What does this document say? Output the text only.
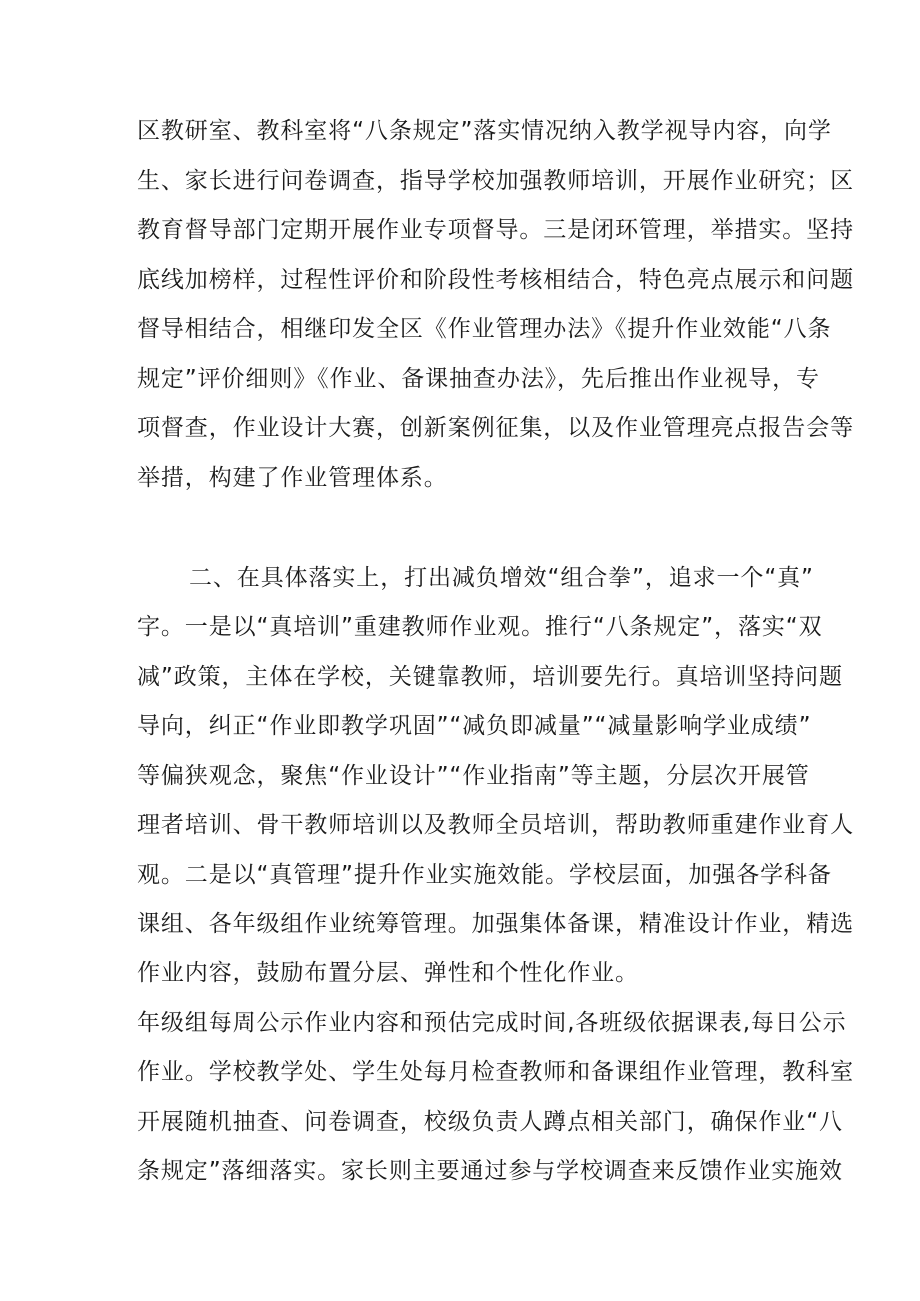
区教研室、教科室将“八条规定”落实情况纳入教学视导内容，向学
生、家长进行问卷调查，指导学校加强教师培训，开展作业研究；区
教育督导部门定期开展作业专项督导。三是闭环管理，举措实。坚持
底线加榜样，过程性评价和阶段性考核相结合，特色亮点展示和问题
督导相结合，相继印发全区《作业管理办法》《提升作业效能“八条
规定”评价细则》《作业、备课抽查办法》，先后推出作业视导，专
项督查，作业设计大赛，创新案例征集，以及作业管理亮点报告会等
举措，构建了作业管理体系。
二、在具体落实上，打出减负增效“组合拳”，追求一个“真”
字。一是以“真培训”重建教师作业观。推行“八条规定”，落实“双
减”政策，主体在学校，关键靠教师，培训要先行。真培训坚持问题
导向，纠正“作业即教学巩固”“减负即减量”“减量影响学业成绩”
等偏狭观念，聚焦“作业设计”“作业指南”等主题，分层次开展管
理者培训、骨干教师培训以及教师全员培训，帮助教师重建作业育人
观。二是以“真管理”提升作业实施效能。学校层面，加强各学科备
课组、各年级组作业统筹管理。加强集体备课，精准设计作业，精选
作业内容，鼓励布置分层、弹性和个性化作业。
年级组每周公示作业内容和预估完成时间,各班级依据课表,每日公示
作业。学校教学处、学生处每月检查教师和备课组作业管理，教科室
开展随机抽查、问卷调查，校级负责人蹲点相关部门，确保作业“八
条规定”落细落实。家长则主要通过参与学校调查来反馈作业实施效
